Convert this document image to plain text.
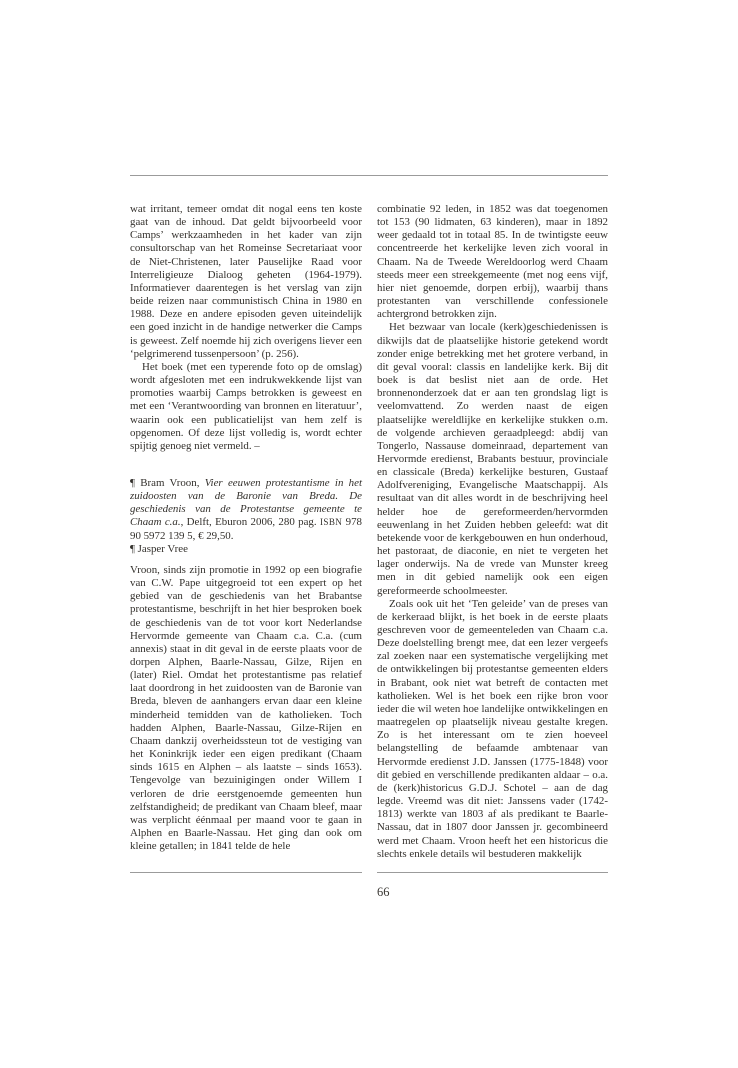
wat irritant, temeer omdat dit nogal eens ten koste gaat van de inhoud. Dat geldt bijvoorbeeld voor Camps’ werkzaamheden in het kader van zijn consultorschap van het Romeinse Secretariaat voor de Niet-Christenen, later Pauselijke Raad voor Interreligieuze Dialoog geheten (1964-1979). Informatiever daarentegen is het verslag van zijn beide reizen naar communistisch China in 1980 en 1988. Deze en andere episoden geven uiteindelijk een goed inzicht in de handige netwerker die Camps is geweest. Zelf noemde hij zich overigens liever een ‘pelgrimerend tussenpersoon’ (p. 256).

Het boek (met een typerende foto op de omslag) wordt afgesloten met een indrukwekkende lijst van promoties waarbij Camps betrokken is geweest en met een ‘Verantwoording van bronnen en literatuur’, waarin ook een publicatielijst van hem zelf is opgenomen. Of deze lijst volledig is, wordt echter spijtig genoeg niet vermeld. –

¶ Bram Vroon, Vier eeuwen protestantisme in het zuidoosten van de Baronie van Breda. De geschiedenis van de Protestantse gemeente te Chaam c.a., Delft, Eburon 2006, 280 pag. ISBN 978 90 5972 139 5, € 29,50.

¶ Jasper Vree

Vroon, sinds zijn promotie in 1992 op een biografie van C.W. Pape uitgegroeid tot een expert op het gebied van de geschiedenis van het Brabantse protestantisme, beschrijft in het hier besproken boek de geschiedenis van de tot voor kort Nederlandse Hervormde gemeente van Chaam c.a. C.a. (cum annexis) staat in dit geval in de eerste plaats voor de dorpen Alphen, Baarle-Nassau, Gilze, Rijen en (later) Riel. Omdat het protestantisme pas relatief laat doordrong in het zuidoosten van de Baronie van Breda, bleven de aanhangers ervan daar een kleine minderheid temidden van de katholieken. Toch hadden Alphen, Baarle-Nassau, Gilze-Rijen en Chaam dankzij overheidssteun tot de vestiging van het Koninkrijk ieder een eigen predikant (Chaam sinds 1615 en Alphen – als laatste – sinds 1653). Tengevolge van bezuinigingen onder Willem I verloren de drie eerstgenoemde gemeenten hun zelfstandigheid; de predikant van Chaam bleef, maar was verplicht éénmaal per maand voor te gaan in Alphen en Baarle-Nassau. Het ging dan ook om kleine getallen; in 1841 telde de hele

combinatie 92 leden, in 1852 was dat toegenomen tot 153 (90 lidmaten, 63 kinderen), maar in 1892 weer gedaald tot in totaal 85. In de twintigste eeuw concentreerde het kerkelijke leven zich vooral in Chaam. Na de Tweede Wereldoorlog werd Chaam steeds meer een streekgemeente (met nog eens vijf, hier niet genoemde, dorpen erbij), waarbij thans protestanten van verschillende confessionele achtergrond betrokken zijn.

Het bezwaar van locale (kerk)geschiedenissen is dikwijls dat de plaatselijke historie getekend wordt zonder enige betrekking met het grotere verband, in dit geval vooral: classis en landelijke kerk. Bij dit boek is dat beslist niet aan de orde. Het bronnenonderzoek dat er aan ten grondslag ligt is veelomvattend. Zo werden naast de eigen plaatselijke wereldlijke en kerkelijke stukken o.m. de volgende archieven geraadpleegd: abdij van Tongerlo, Nassause domeinraad, departement van Hervormde eredienst, Brabants bestuur, provinciale en classicale (Breda) kerkelijke besturen, Gustaaf Adolfvereniging, Evangelische Maatschappij. Als resultaat van dit alles wordt in de beschrijving heel helder hoe de gereformeerden/hervormden eeuwenlang in het Zuiden hebben geleefd: wat dit betekende voor de kerkgebouwen en hun onderhoud, het pastoraat, de diaconie, en niet te vergeten het lager onderwijs. Na de vrede van Munster kreeg men in dit gebied namelijk ook een eigen gereformeerde schoolmeester.

Zoals ook uit het ‘Ten geleide’ van de preses van de kerkeraad blijkt, is het boek in de eerste plaats geschreven voor de gemeenteleden van Chaam c.a. Deze doelstelling brengt mee, dat een lezer vergeefs zal zoeken naar een systematische vergelijking met de ontwikkelingen bij protestantse gemeenten elders in Brabant, ook niet wat betreft de contacten met katholieken. Wel is het boek een rijke bron voor ieder die wil weten hoe landelijke ontwikkelingen en maatregelen op plaatselijk niveau gestalte kregen. Zo is het interessant om te zien hoeveel belangstelling de befaamde ambtenaar van Hervormde eredienst J.D. Janssen (1775-1848) voor dit gebied en verschillende predikanten aldaar – o.a. de (kerk)historicus G.D.J. Schotel – aan de dag legde. Vreemd was dit niet: Janssens vader (1742-1813) werkte van 1803 af als predikant te Baarle-Nassau, dat in 1807 door Janssen jr. gecombineerd werd met Chaam. Vroon heeft het een historicus die slechts enkele details wil bestuderen makkelijk

66
